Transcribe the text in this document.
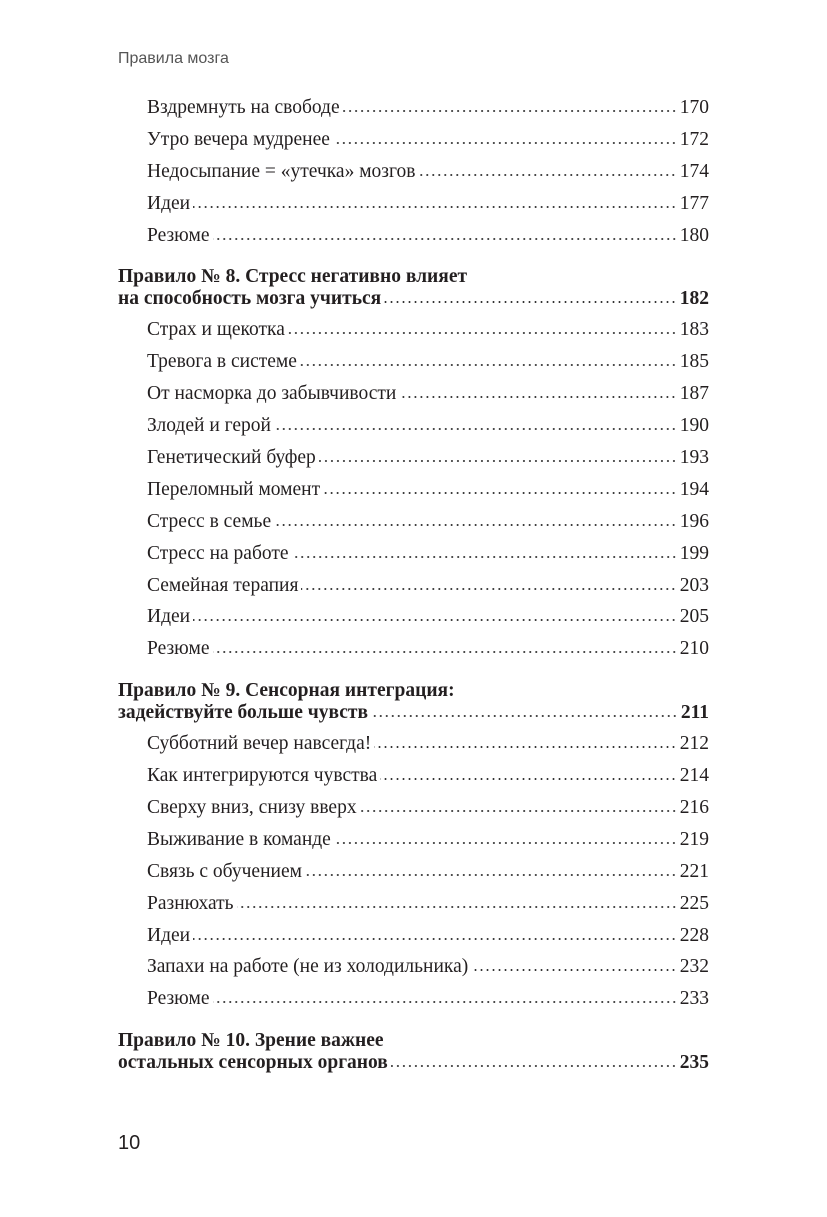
Правила мозга
Вздремнуть на свободе	170
Утро вечера мудренее	172
Недосыпание = «утечка» мозгов	174
Идеи	177
Резюме	180
Правило № 8. Стресс негативно влияет
на способность мозга учиться	182
Страх и щекотка	183
Тревога в системе	185
От насморка до забывчивости	187
Злодей и герой	190
Генетический буфер	193
Переломный момент	194
Стресс в семье	196
Стресс на работе	199
Семейная терапия	203
Идеи	205
Резюме	210
Правило № 9. Сенсорная интеграция:
задействуйте больше чувств	211
Субботний вечер навсегда!	212
Как интегрируются чувства	214
Сверху вниз, снизу вверх	216
Выживание в команде	219
Связь с обучением	221
Разнюхать	225
Идеи	228
Запахи на работе (не из холодильника)	232
Резюме	233
Правило № 10. Зрение важнее
остальных сенсорных органов	235
10
